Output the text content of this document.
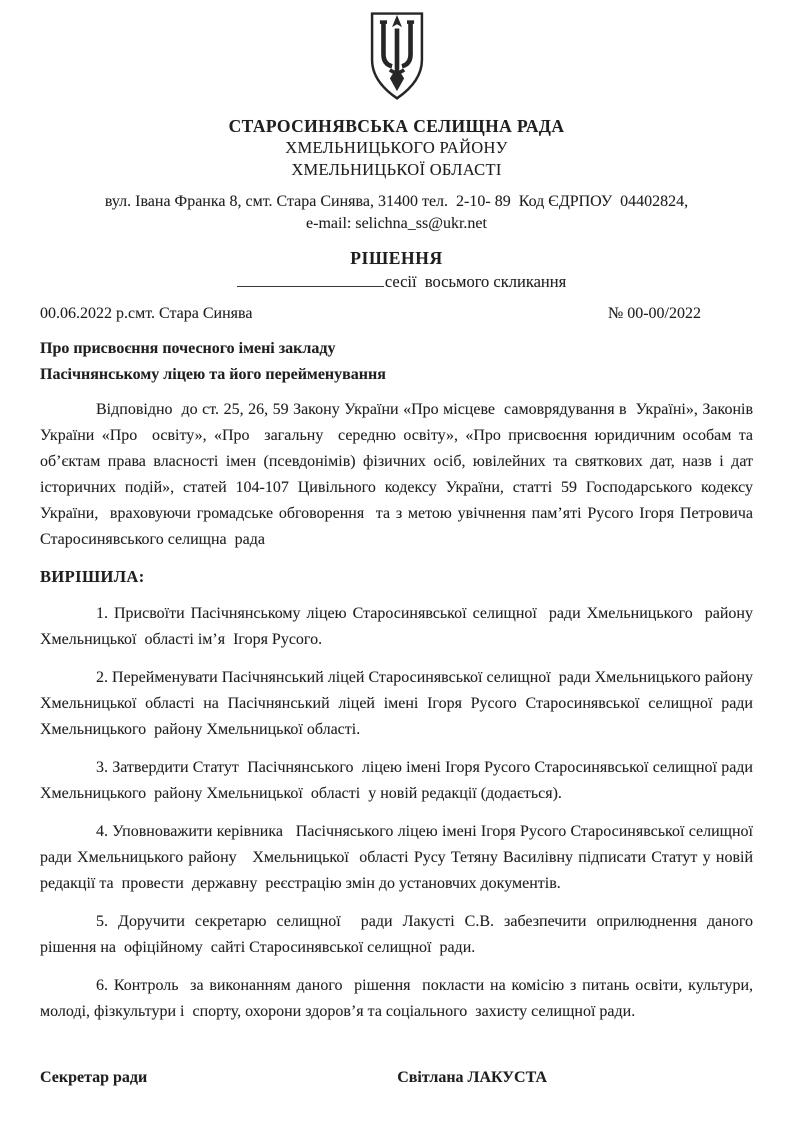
СТАРОСИНЯВСЬКА СЕЛИЩНА РАДА
ХМЕЛЬНИЦЬКОГО РАЙОНУ
ХМЕЛЬНИЦЬКОЇ ОБЛАСТІ
вул. Івана Франка 8, смт. Стара Синява, 31400 тел.  2-10- 89  Код ЄДРПОУ  04402824,
e-mail: selichna_ss@ukr.net
РІШЕННЯ
сесії  восьмого скликання
00.06.2022 р.смт. Стара Синява	№ 00-00/2022
Про присвоєння почесного імені закладу
Пасічнянському ліцею та його перейменування

Відповідно  до ст. 25, 26, 59 Закону України «Про місцеве  самоврядування в  Україні», Законів  України «Про  освіту», «Про  загальну  середню освіту», «Про присвоєння юридичним особам та об’єктам права власності імен (псевдонімів) фізичних осіб, ювілейних та святкових дат, назв і дат історичних подій», статей 104-107 Цивільного кодексу України, статті 59 Господарського кодексу України,  враховуючи громадське обговорення  та з метою увічнення пам’яті Русого Ігоря Петровича Старосинявського селищна  рада

ВИРІШИЛА:

1. Присвоїти Пасічнянському ліцею Старосинявської селищної  ради Хмельницького  району Хмельницької  області ім’я  Ігоря Русого.

2. Перейменувати Пасічнянський ліцей Старосинявської селищної  ради Хмельницького району Хмельницької області на Пасічнянський ліцей імені Ігоря Русого Старосинявської селищної ради Хмельницького  району Хмельницької області.

3. Затвердити Статут  Пасічнянського  ліцею імені Ігоря Русого Старосинявської селищної ради Хмельницького  району Хмельницької  області  у новій редакції (додається).

4. Уповноважити керівника   Пасічняського ліцею імені Ігоря Русого Старосинявської селищної  ради Хмельницького району   Хмельницької  області Русу Тетяну Василівну підписати Статут у новій  редакції та  провести  державну  реєстрацію змін до установчих документів.

5. Доручити секретарю селищної  ради Лакусті С.В. забезпечити оприлюднення даного рішення на  офіційному  сайті Старосинявської селищної  ради.

6. Контроль  за виконанням даного  рішення  покласти на комісію з питань освіти, культури, молоді, фізкультури і  спорту, охорони здоров’я та соціального  захисту селищної ради.

Секретар ради	Світлана ЛАКУСТА
